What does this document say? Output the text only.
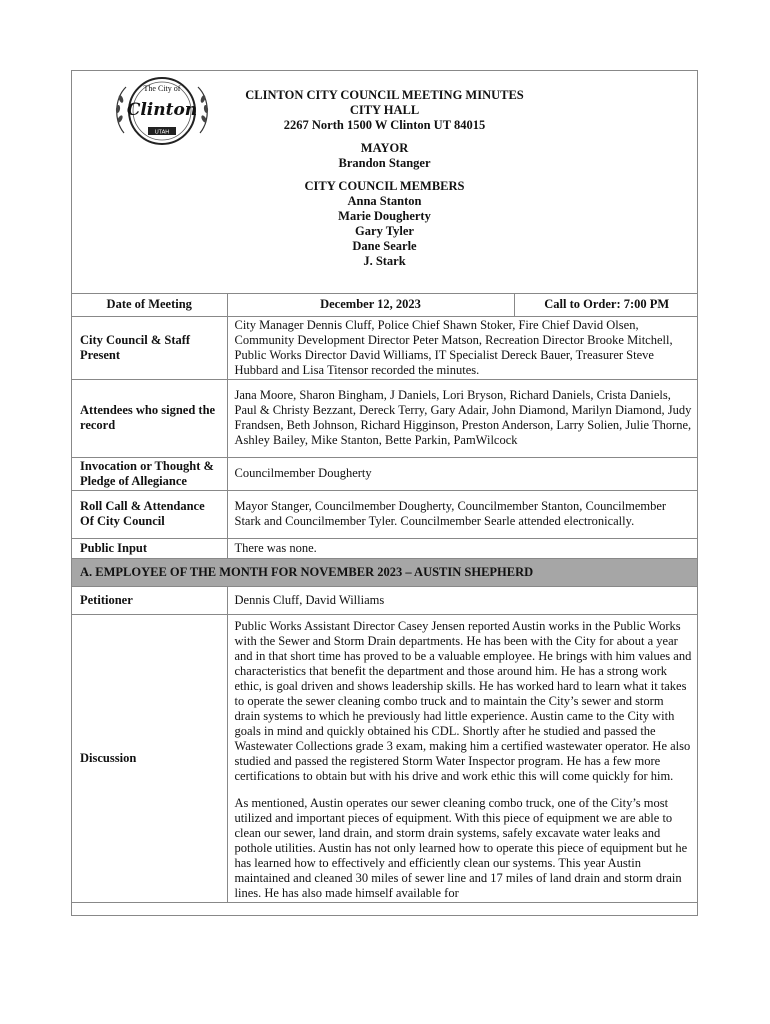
The City of
Clinton
UTAH
CLINTON CITY COUNCIL MEETING MINUTES
CITY HALL
2267 North 1500 W Clinton UT 84015
MAYOR
Brandon Stanger
CITY COUNCIL MEMBERS
Anna Stanton
Marie Dougherty
Gary Tyler
Dane Searle
J. Stark
Date of Meeting	December 12, 2023	Call to Order: 7:00 PM
City Council & Staff Present	City Manager Dennis Cluff, Police Chief Shawn Stoker, Fire Chief David Olsen, Community Development Director Peter Matson, Recreation Director Brooke Mitchell, Public Works Director David Williams, IT Specialist Dereck Bauer, Treasurer Steve Hubbard and Lisa Titensor recorded the minutes.	
Attendees who signed the record	Jana Moore, Sharon Bingham, J Daniels, Lori Bryson, Richard Daniels, Crista Daniels, Paul & Christy Bezzant, Dereck Terry, Gary Adair, John Diamond, Marilyn Diamond, Judy Frandsen, Beth Johnson, Richard Higginson, Preston Anderson, Larry Solien, Julie Thorne, Ashley Bailey, Mike Stanton, Bette Parkin, PamWilcock	
Invocation or Thought & Pledge of Allegiance	Councilmember Dougherty	
Roll Call & Attendance Of City Council	Mayor Stanger, Councilmember Dougherty, Councilmember Stanton, Councilmember Stark and Councilmember Tyler. Councilmember Searle attended electronically.	
Public Input	There was none.	
A. EMPLOYEE OF THE MONTH FOR NOVEMBER 2023 – AUSTIN SHEPHERD		
Petitioner	Dennis Cluff, David Williams	
Discussion	Public Works Assistant Director Casey Jensen reported Austin works in the Public Works with the Sewer and Storm Drain departments. He has been with the City for about a year and in that short time has proved to be a valuable employee. He brings with him values and characteristics that benefit the department and those around him. He has a strong work ethic, is goal driven and shows leadership skills. He has worked hard to learn what it takes to operate the sewer cleaning combo truck and to maintain the City’s sewer and storm drain systems to which he previously had little experience. Austin came to the City with goals in mind and quickly obtained his CDL. Shortly after he studied and passed the Wastewater Collections grade 3 exam, making him a certified wastewater operator. He also studied and passed the registered Storm Water Inspector program. He has a few more certifications to obtain but with his drive and work ethic this will come quickly for him.

As mentioned, Austin operates our sewer cleaning combo truck, one of the City’s most utilized and important pieces of equipment. With this piece of equipment we are able to clean our sewer, land drain, and storm drain systems, safely excavate water leaks and pothole utilities. Austin has not only learned how to operate this piece of equipment but he has learned how to effectively and efficiently clean our systems. This year Austin maintained and cleaned 30 miles of sewer line and 17 miles of land drain and storm drain lines. He has also made himself available for	
